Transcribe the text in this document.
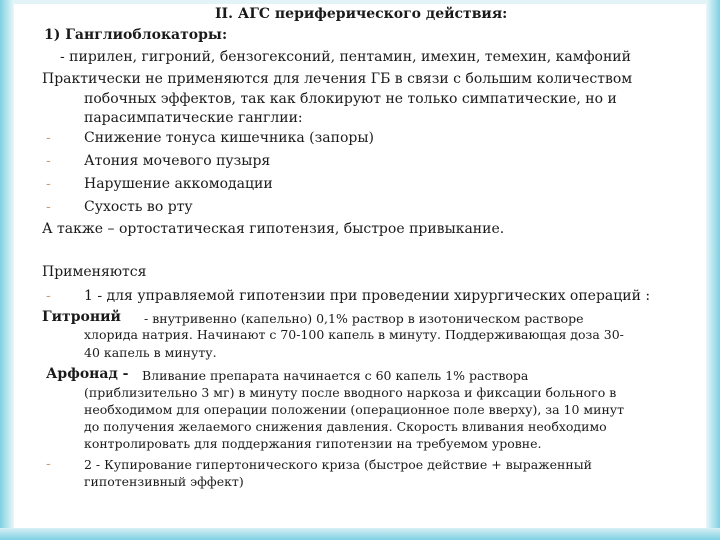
II. АГС периферического действия:
1) Ганглиоблокаторы:
- пирилен, гигроний, бензогексоний, пентамин, имехин, темехин, камфоний
Практически не применяются для лечения ГБ в связи с большим количеством
побочных эффектов, так как блокируют не только симпатические, но и
парасимпатические ганглии:
- Снижение тонуса кишечника (запоры)
- Атония мочевого пузыря
- Нарушение аккомодации
- Сухость во рту
А также – ортостатическая гипотензия, быстрое привыкание.
Применяются
- 1 - для управляемой гипотензии при проведении хирургических операций :
Гитроний - внутривенно (капельно) 0,1% раствор в изотоническом растворе
хлорида натрия. Начинают с 70-100 капель в минуту. Поддерживающая доза 30-
40 капель в минуту.
Арфонад - Вливание препарата начинается с 60 капель 1% раствора
(приблизительно 3 мг) в минуту после вводного наркоза и фиксации больного в
необходимом для операции положении (операционное поле вверху), за 10 минут
до получения желаемого снижения давления. Скорость вливания необходимо
контролировать для поддержания гипотензии на требуемом уровне.
-	2 - Купирование гипертонического криза (быстрое действие + выраженный
гипотензивный эффект)
